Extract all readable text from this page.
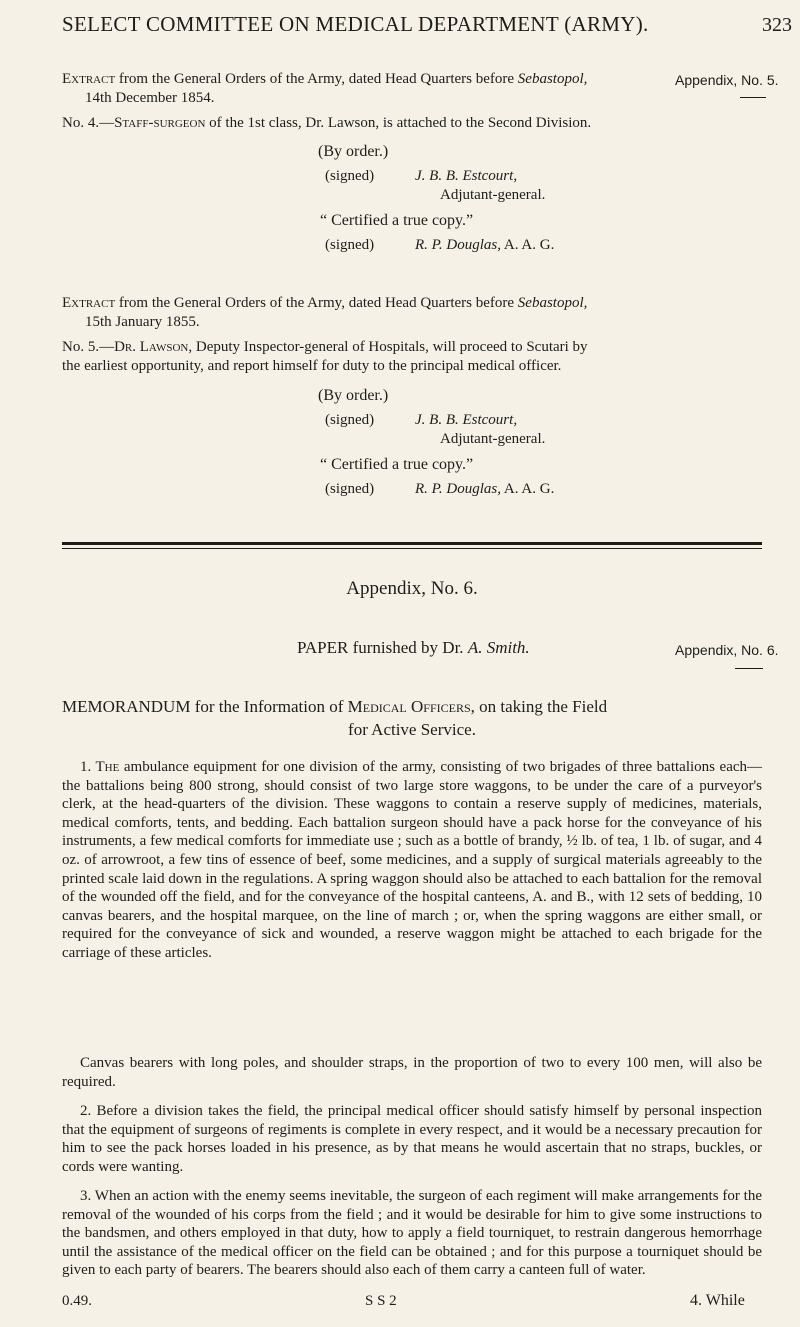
SELECT COMMITTEE ON MEDICAL DEPARTMENT (ARMY).	323
Extract from the General Orders of the Army, dated Head Quarters before Sebastopol,	Appendix, No. 5.
14th December 1854.
No. 4.—Staff-surgeon of the 1st class, Dr. Lawson, is attached to the Second Division.
(By order.)
(signed)	J. B. B. Estcourt,
Adjutant-general.
“ Certified a true copy.”
(signed)	R. P. Douglas, A. A. G.
Extract from the General Orders of the Army, dated Head Quarters before Sebastopol,
15th January 1855.
No. 5.—Dr. Lawson, Deputy Inspector-general of Hospitals, will proceed to Scutari by
the earliest opportunity, and report himself for duty to the principal medical officer.
(By order.)
(signed)	J. B. B. Estcourt,
Adjutant-general.
“ Certified a true copy.”
(signed)	R. P. Douglas, A. A. G.
Appendix, No. 6.
PAPER furnished by Dr. A. Smith.	Appendix, No. 6.
MEMORANDUM for the Information of Medical Officers, on taking the Field
for Active Service.
1. The ambulance equipment for one division of the army, consisting of two brigades of three battalions each—the battalions being 800 strong, should consist of two large store waggons, to be under the care of a purveyor's clerk, at the head-quarters of the division. These waggons to contain a reserve supply of medicines, materials, medical comforts, tents, and bedding. Each battalion surgeon should have a pack horse for the conveyance of his instruments, a few medical comforts for immediate use ; such as a bottle of brandy, ½ lb. of tea, 1 lb. of sugar, and 4 oz. of arrowroot, a few tins of essence of beef, some medicines, and a supply of surgical materials agreeably to the printed scale laid down in the regulations. A spring waggon should also be attached to each battalion for the removal of the wounded off the field, and for the conveyance of the hospital canteens, A. and B., with 12 sets of bedding, 10 canvas bearers, and the hospital marquee, on the line of march ; or, when the spring waggons are either small, or required for the conveyance of sick and wounded, a reserve waggon might be attached to each brigade for the carriage of these articles.
Canvas bearers with long poles, and shoulder straps, in the proportion of two to every 100 men, will also be required.
2. Before a division takes the field, the principal medical officer should satisfy himself by personal inspection that the equipment of surgeons of regiments is complete in every respect, and it would be a necessary precaution for him to see the pack horses loaded in his presence, as by that means he would ascertain that no straps, buckles, or cords were wanting.
3. When an action with the enemy seems inevitable, the surgeon of each regiment will make arrangements for the removal of the wounded of his corps from the field ; and it would be desirable for him to give some instructions to the bandsmen, and others employed in that duty, how to apply a field tourniquet, to restrain dangerous hemorrhage until the assistance of the medical officer on the field can be obtained ; and for this purpose a tourniquet should be given to each party of bearers. The bearers should also each of them carry a canteen full of water.
0.49.	S S 2	4. While
